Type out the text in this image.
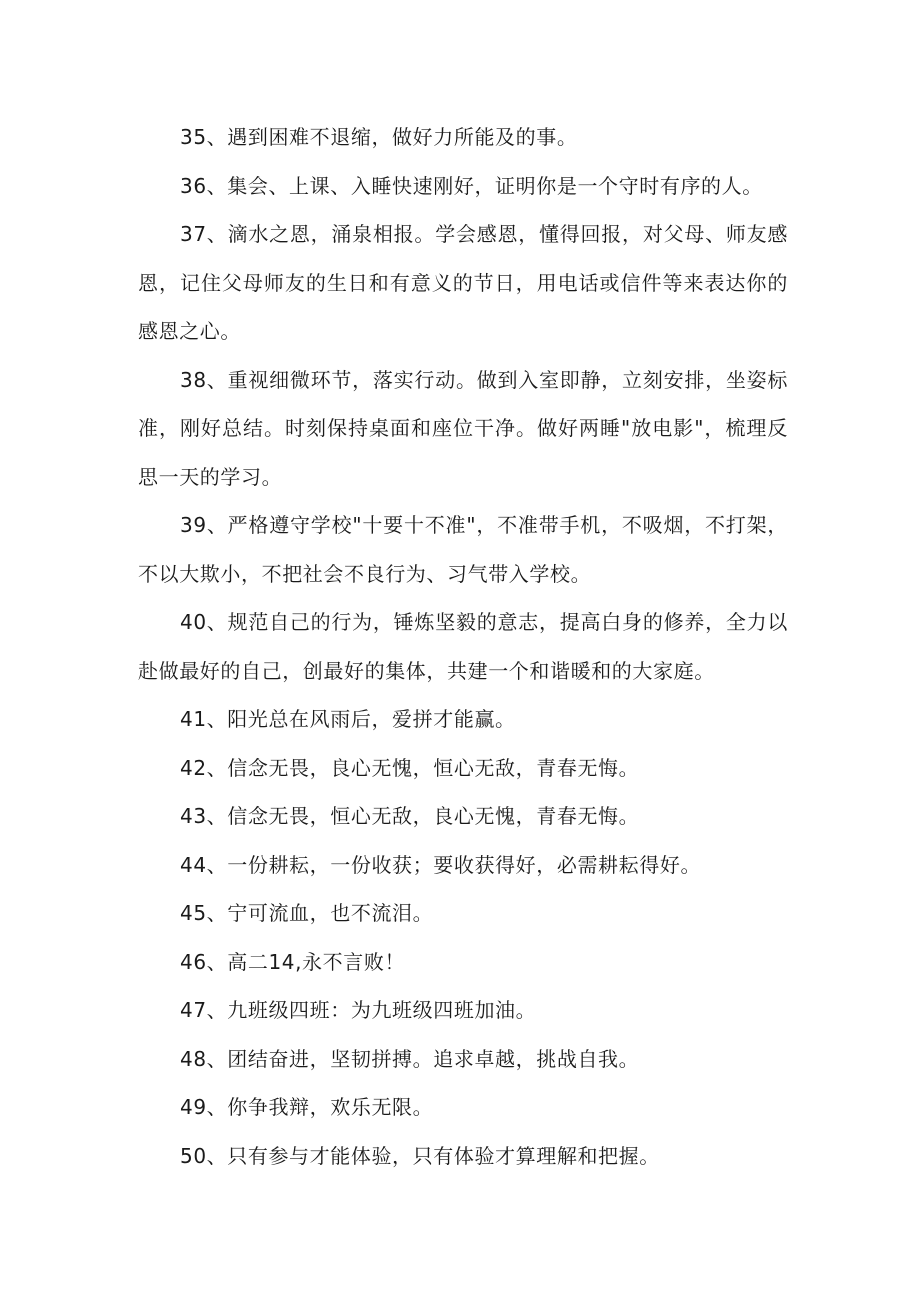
35、遇到困难不退缩，做好力所能及的事。

36、集会、上课、入睡快速刚好，证明你是一个守时有序的人。

37、滴水之恩，涌泉相报。学会感恩，懂得回报，对父母、师友感恩，记住父母师友的生日和有意义的节日，用电话或信件等来表达你的感恩之心。

38、重视细微环节，落实行动。做到入室即静，立刻安排，坐姿标准，刚好总结。时刻保持桌面和座位干净。做好两睡"放电影"，梳理反思一天的学习。

39、严格遵守学校"十要十不准"，不准带手机，不吸烟，不打架，不以大欺小，不把社会不良行为、习气带入学校。

40、规范自己的行为，锤炼坚毅的意志，提高白身的修养，全力以赴做最好的自己，创最好的集体，共建一个和谐暖和的大家庭。

41、阳光总在风雨后，爱拼才能赢。

42、信念无畏，良心无愧，恒心无敌，青春无悔。

43、信念无畏，恒心无敌，良心无愧，青春无悔。

44、一份耕耘，一份收获；要收获得好，必需耕耘得好。

45、宁可流血，也不流泪。

46、高二14,永不言败！

47、九班级四班：为九班级四班加油。

48、团结奋进，坚韧拼搏。追求卓越，挑战自我。

49、你争我辩，欢乐无限。

50、只有参与才能体验，只有体验才算理解和把握。
